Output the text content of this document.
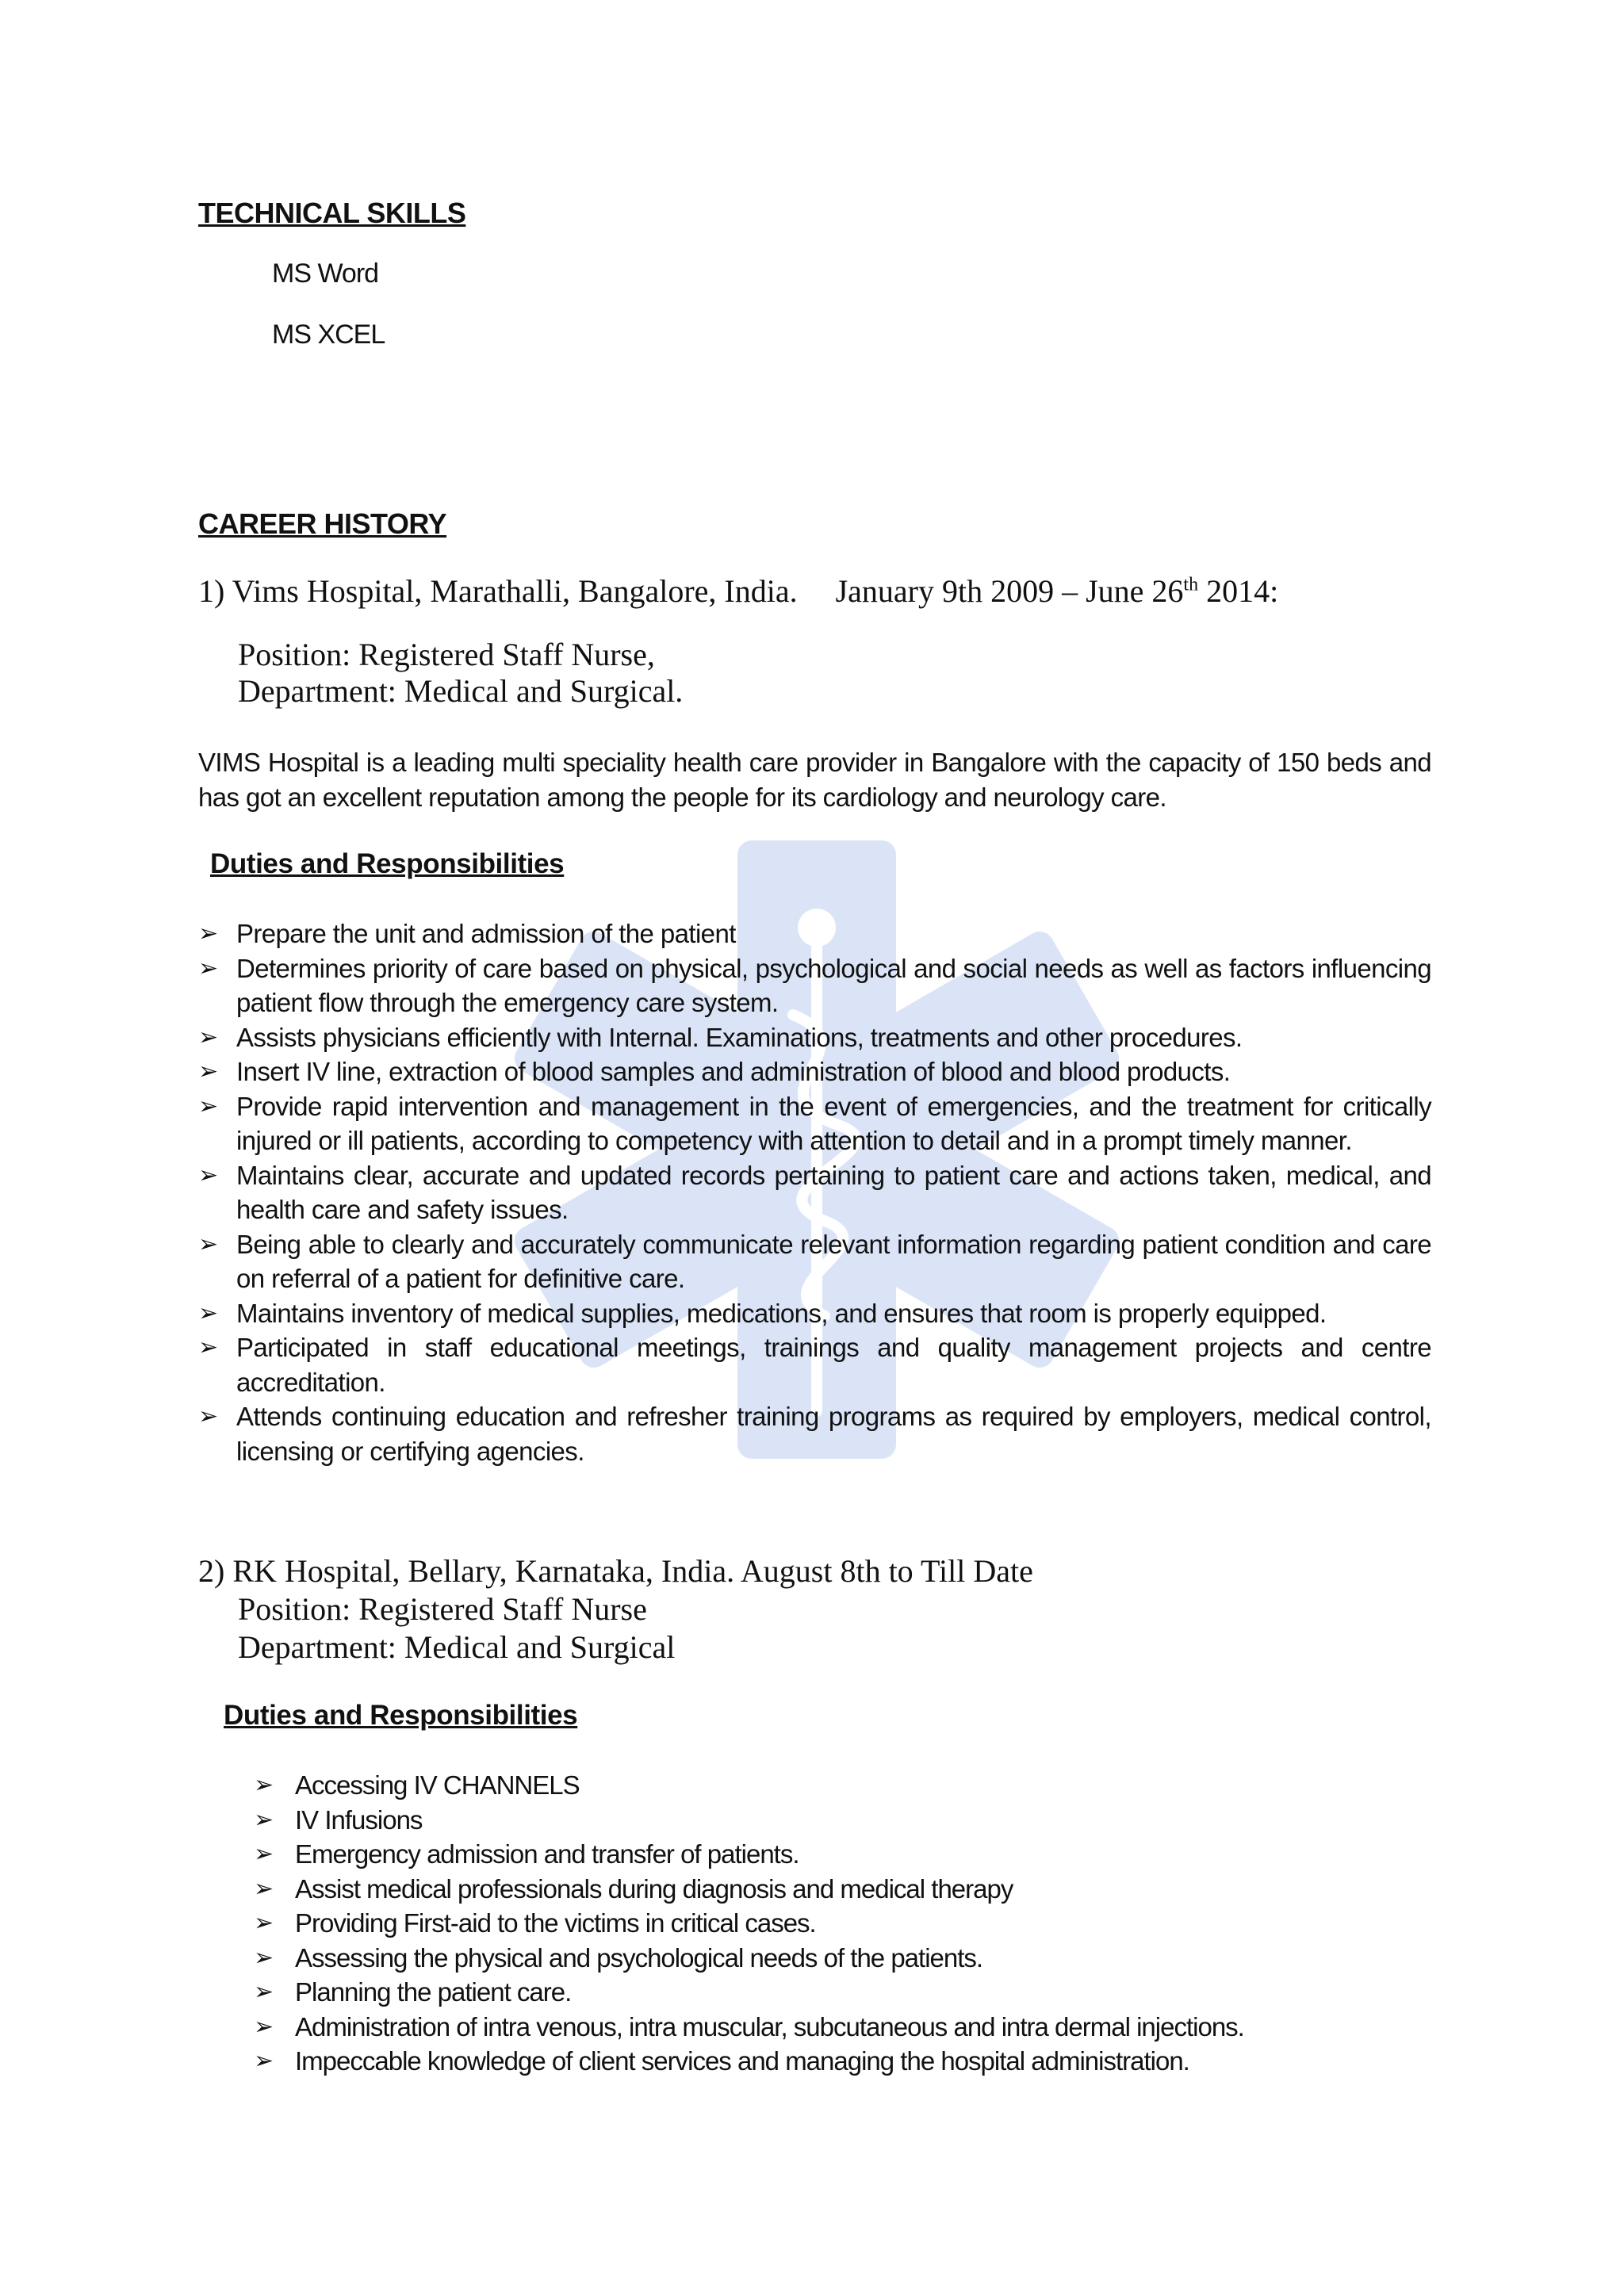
TECHNICAL SKILLS
MS Word
MS XCEL
CAREER HISTORY
1) Vims Hospital, Marathalli, Bangalore, India. January 9th 2009 – June 26th 2014:
Position: Registered Staff Nurse,
Department: Medical and Surgical.
VIMS Hospital is a leading multi speciality health care provider in Bangalore with the capacity of 150 beds and has got an excellent reputation among the people for its cardiology and neurology care.
Duties and Responsibilities
➢ Prepare the unit and admission of the patient
➢ Determines priority of care based on physical, psychological and social needs as well as factors influencing patient flow through the emergency care system.
➢ Assists physicians efficiently with Internal. Examinations, treatments and other procedures.
➢ Insert IV line, extraction of blood samples and administration of blood and blood products.
➢ Provide rapid intervention and management in the event of emergencies, and the treatment for critically injured or ill patients, according to competency with attention to detail and in a prompt timely manner.
➢ Maintains clear, accurate and updated records pertaining to patient care and actions taken, medical, and health care and safety issues.
➢ Being able to clearly and accurately communicate relevant information regarding patient condition and care on referral of a patient for definitive care.
➢ Maintains inventory of medical supplies, medications, and ensures that room is properly equipped.
➢ Participated in staff educational meetings, trainings and quality management projects and centre accreditation.
➢ Attends continuing education and refresher training programs as required by employers, medical control, licensing or certifying agencies.
2) RK Hospital, Bellary, Karnataka, India. August 8th to Till Date
Position: Registered Staff Nurse
Department: Medical and Surgical
Duties and Responsibilities
➢ Accessing IV CHANNELS
➢ IV Infusions
➢ Emergency admission and transfer of patients.
➢ Assist medical professionals during diagnosis and medical therapy
➢ Providing First-aid to the victims in critical cases.
➢ Assessing the physical and psychological needs of the patients.
➢ Planning the patient care.
➢ Administration of intra venous, intra muscular, subcutaneous and intra dermal injections.
➢ Impeccable knowledge of client services and managing the hospital administration.
